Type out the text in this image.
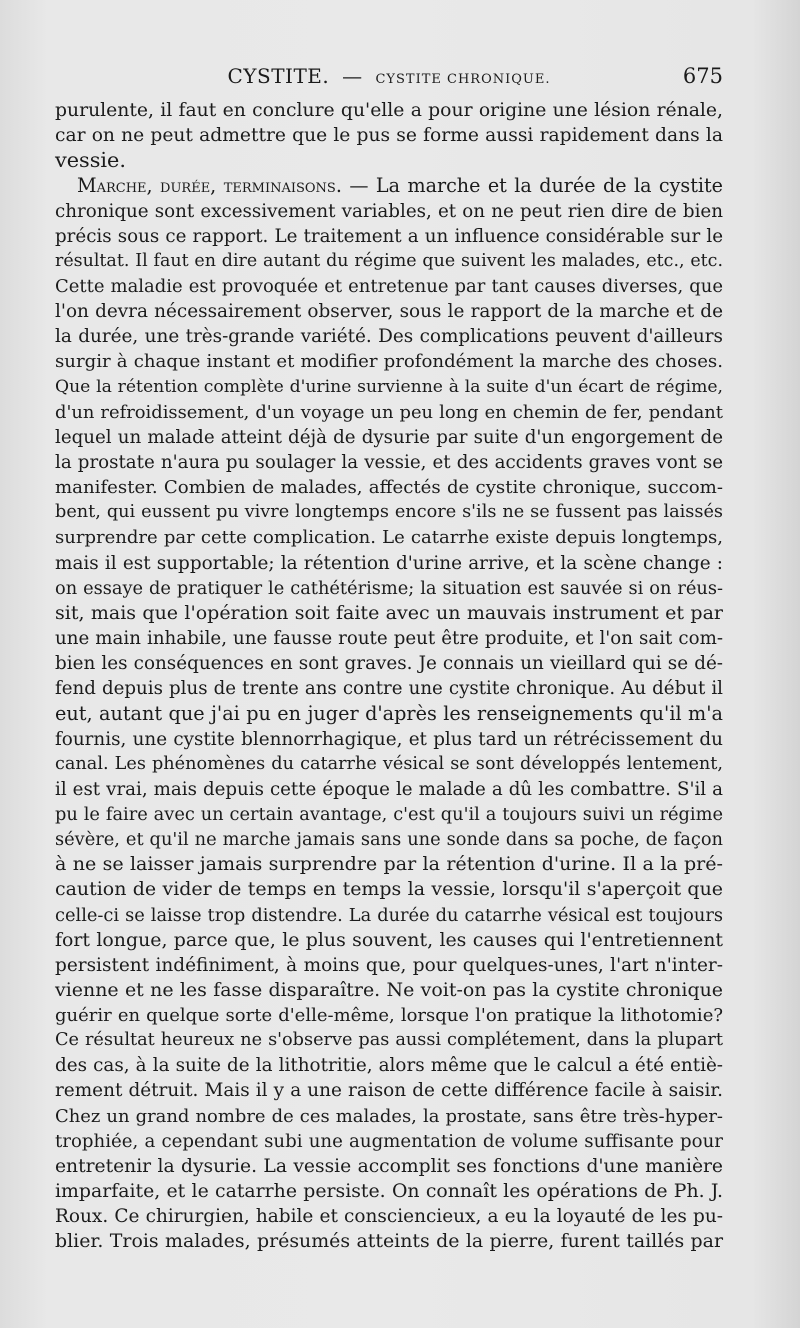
CYSTITE. — CYSTITE CHRONIQUE.	675
purulente, il faut en conclure qu'elle a pour origine une lésion rénale,
car on ne peut admettre que le pus se forme aussi rapidement dans la
vessie.
Marche, durée, terminaisons. — La marche et la durée de la cystite
chronique sont excessivement variables, et on ne peut rien dire de bien
précis sous ce rapport. Le traitement a un influence considérable sur le
résultat. Il faut en dire autant du régime que suivent les malades, etc., etc.
Cette maladie est provoquée et entretenue par tant causes diverses, que
l'on devra nécessairement observer, sous le rapport de la marche et de
la durée, une très-grande variété. Des complications peuvent d'ailleurs
surgir à chaque instant et modifier profondément la marche des choses.
Que la rétention complète d'urine survienne à la suite d'un écart de régime,
d'un refroidissement, d'un voyage un peu long en chemin de fer, pendant
lequel un malade atteint déjà de dysurie par suite d'un engorgement de
la prostate n'aura pu soulager la vessie, et des accidents graves vont se
manifester. Combien de malades, affectés de cystite chronique, succom-
bent, qui eussent pu vivre longtemps encore s'ils ne se fussent pas laissés
surprendre par cette complication. Le catarrhe existe depuis longtemps,
mais il est supportable; la rétention d'urine arrive, et la scène change :
on essaye de pratiquer le cathétérisme; la situation est sauvée si on réus-
sit, mais que l'opération soit faite avec un mauvais instrument et par
une main inhabile, une fausse route peut être produite, et l'on sait com-
bien les conséquences en sont graves. Je connais un vieillard qui se dé-
fend depuis plus de trente ans contre une cystite chronique. Au début il
eut, autant que j'ai pu en juger d'après les renseignements qu'il m'a
fournis, une cystite blennorrhagique, et plus tard un rétrécissement du
canal. Les phénomènes du catarrhe vésical se sont développés lentement,
il est vrai, mais depuis cette époque le malade a dû les combattre. S'il a
pu le faire avec un certain avantage, c'est qu'il a toujours suivi un régime
sévère, et qu'il ne marche jamais sans une sonde dans sa poche, de façon
à ne se laisser jamais surprendre par la rétention d'urine. Il a la pré-
caution de vider de temps en temps la vessie, lorsqu'il s'aperçoit que
celle-ci se laisse trop distendre. La durée du catarrhe vésical est toujours
fort longue, parce que, le plus souvent, les causes qui l'entretiennent
persistent indéfiniment, à moins que, pour quelques-unes, l'art n'inter-
vienne et ne les fasse disparaître. Ne voit-on pas la cystite chronique
guérir en quelque sorte d'elle-même, lorsque l'on pratique la lithotomie?
Ce résultat heureux ne s'observe pas aussi complétement, dans la plupart
des cas, à la suite de la lithotritie, alors même que le calcul a été entiè-
rement détruit. Mais il y a une raison de cette différence facile à saisir.
Chez un grand nombre de ces malades, la prostate, sans être très-hyper-
trophiée, a cependant subi une augmentation de volume suffisante pour
entretenir la dysurie. La vessie accomplit ses fonctions d'une manière
imparfaite, et le catarrhe persiste. On connaît les opérations de Ph. J.
Roux. Ce chirurgien, habile et consciencieux, a eu la loyauté de les pu-
blier. Trois malades, présumés atteints de la pierre, furent taillés par
